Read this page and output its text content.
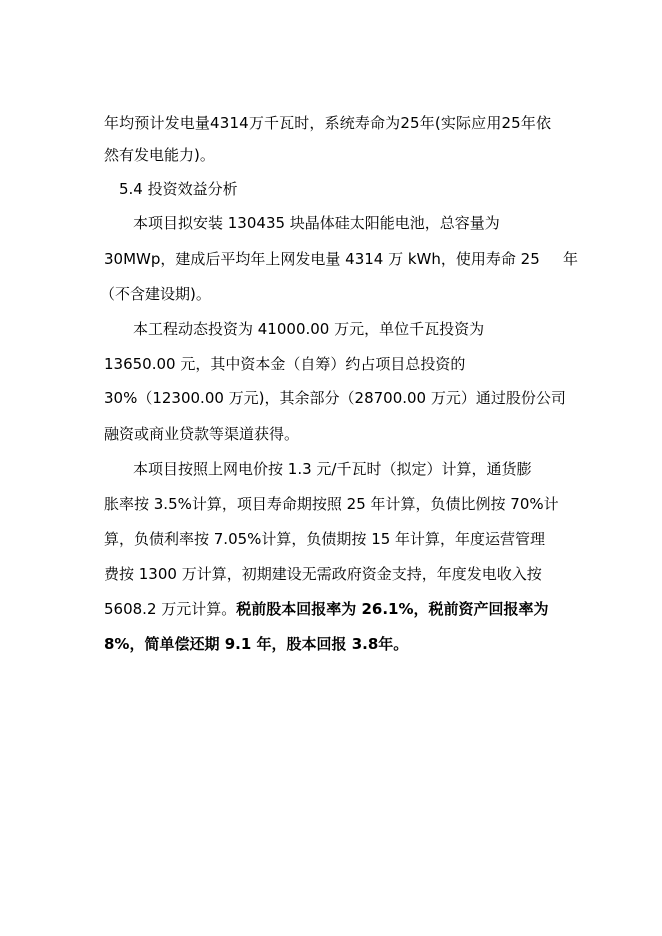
年均预计发电量4314万千瓦时，系统寿命为25年(实际应用25年依
然有发电能力)。
5.4 投资效益分析
本项目拟安装 130435 块晶体硅太阳能电池，总容量为
30MWp，建成后平均年上网发电量 4314 万 kWh，使用寿命 25 年
（不含建设期)。
本工程动态投资为 41000.00 万元，单位千瓦投资为
13650.00 元，其中资本金（自筹）约占项目总投资的
30%（12300.00 万元)，其余部分（28700.00 万元）通过股份公司
融资或商业贷款等渠道获得。
本项目按照上网电价按 1.3 元/千瓦时（拟定）计算，通货膨
胀率按 3.5%计算，项目寿命期按照 25 年计算，负债比例按 70%计
算，负债利率按 7.05%计算，负债期按 15 年计算，年度运营管理
费按 1300 万计算，初期建设无需政府资金支持，年度发电收入按
5608.2 万元计算。税前股本回报率为 26.1%，税前资产回报率为
8%，简单偿还期 9.1 年，股本回报 3.8年。
